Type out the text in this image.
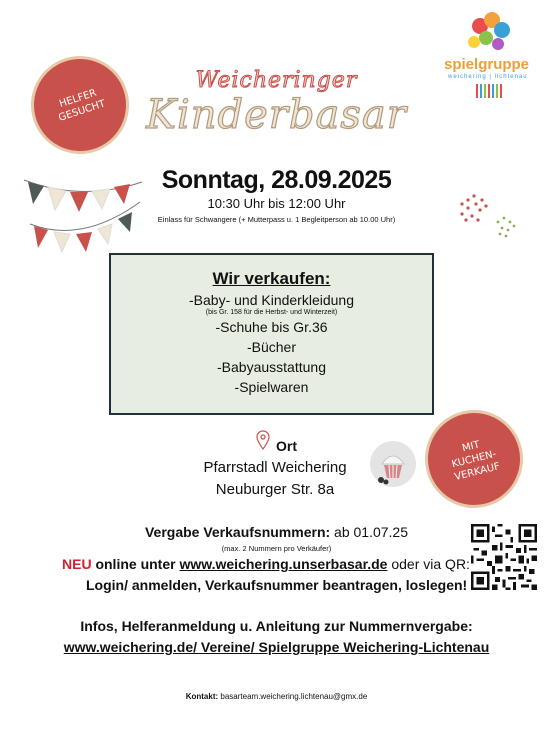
HELFER GESUCHT
spielgruppe
weichering | lichtenau
Weicheringer
Kinderbasar
Sonntag, 28.09.2025
10:30 Uhr bis 12:00 Uhr
Einlass für Schwangere (+ Mutterpass u. 1 Begleitperson ab 10.00 Uhr)
Wir verkaufen:
-Baby- und Kinderkleidung
(bis Gr. 158 für die Herbst- und Winterzeit)
-Schuhe bis Gr.36
-Bücher
-Babyausstattung
-Spielwaren
Ort
Pfarrstadl Weichering
Neuburger Str. 8a
MIT KUCHEN- VERKAUF
Vergabe Verkaufsnummern: ab 01.07.25
(max. 2 Nummern pro Verkäufer)
NEU online unter www.weichering.unserbasar.de oder via QR:
Login/ anmelden, Verkaufsnummer beantragen, loslegen!
Infos, Helferanmeldung u. Anleitung zur Nummernvergabe:
www.weichering.de/ Vereine/ Spielgruppe Weichering-Lichtenau
Kontakt: basarteam.weichering.lichtenau@gmx.de
